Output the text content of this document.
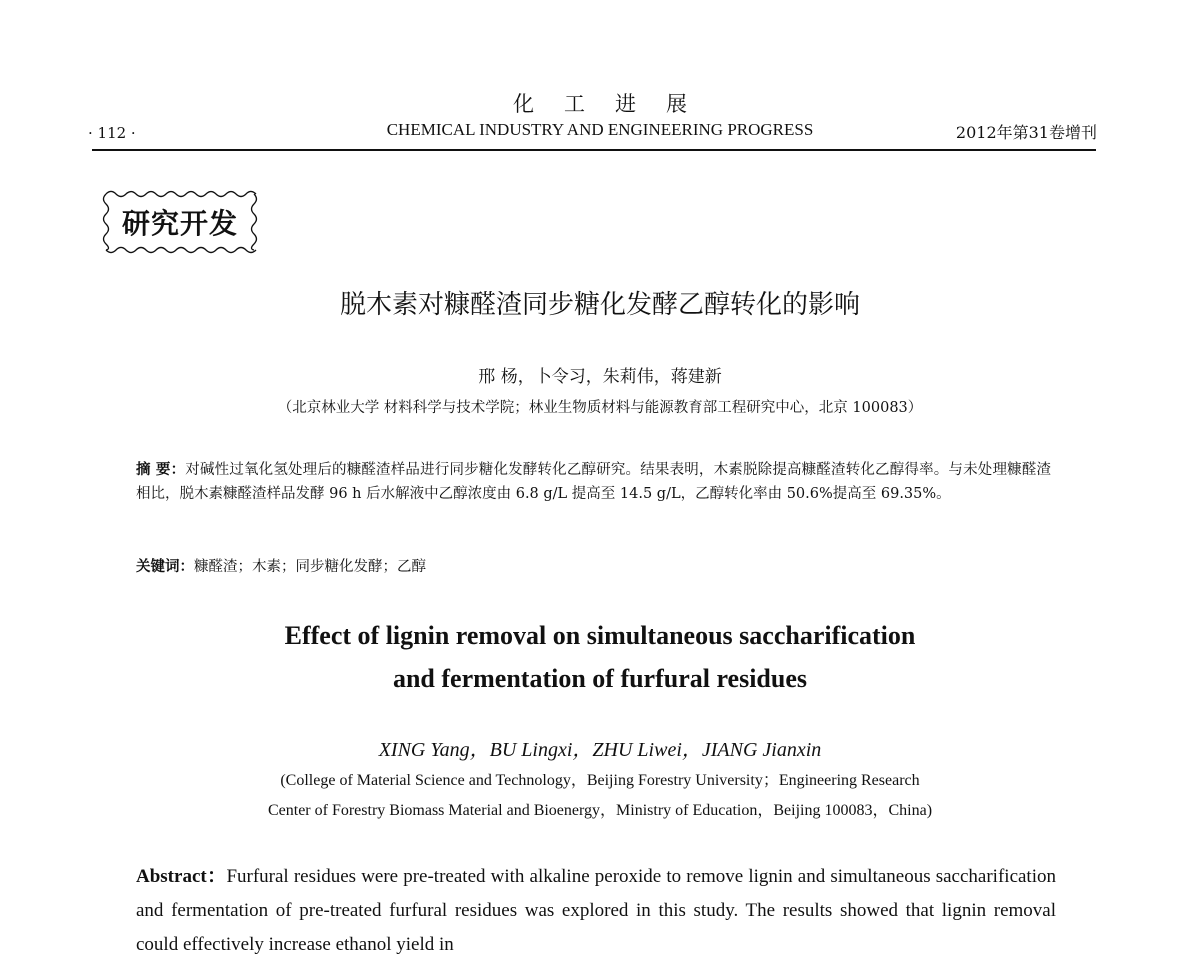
化工进展
· 112 ·	CHEMICAL INDUSTRY AND ENGINEERING PROGRESS	2012年第31卷增刊
研究开发
脱木素对糠醛渣同步糖化发酵乙醇转化的影响
邢 杨，卜令习，朱莉伟，蒋建新
（北京林业大学 材料科学与技术学院；林业生物质材料与能源教育部工程研究中心，北京 100083）
摘 要：对碱性过氧化氢处理后的糠醛渣样品进行同步糖化发酵转化乙醇研究。结果表明，木素脱除提高糠醛渣转化乙醇得率。与未处理糠醛渣相比，脱木素糠醛渣样品发酵 96 h 后水解液中乙醇浓度由 6.8 g/L 提高至 14.5 g/L，乙醇转化率由 50.6%提高至 69.35%。
关键词：糠醛渣；木素；同步糖化发酵；乙醇
Effect of lignin removal on simultaneous saccharification
and fermentation of furfural residues
XING Yang，BU Lingxi，ZHU Liwei，JIANG Jianxin
(College of Material Science and Technology，Beijing Forestry University；Engineering Research
Center of Forestry Biomass Material and Bioenergy，Ministry of Education，Beijing 100083，China)
Abstract：Furfural residues were pre-treated with alkaline peroxide to remove lignin and simultaneous saccharification and fermentation of pre-treated furfural residues was explored in this study. The results showed that lignin removal could effectively increase ethanol yield in
